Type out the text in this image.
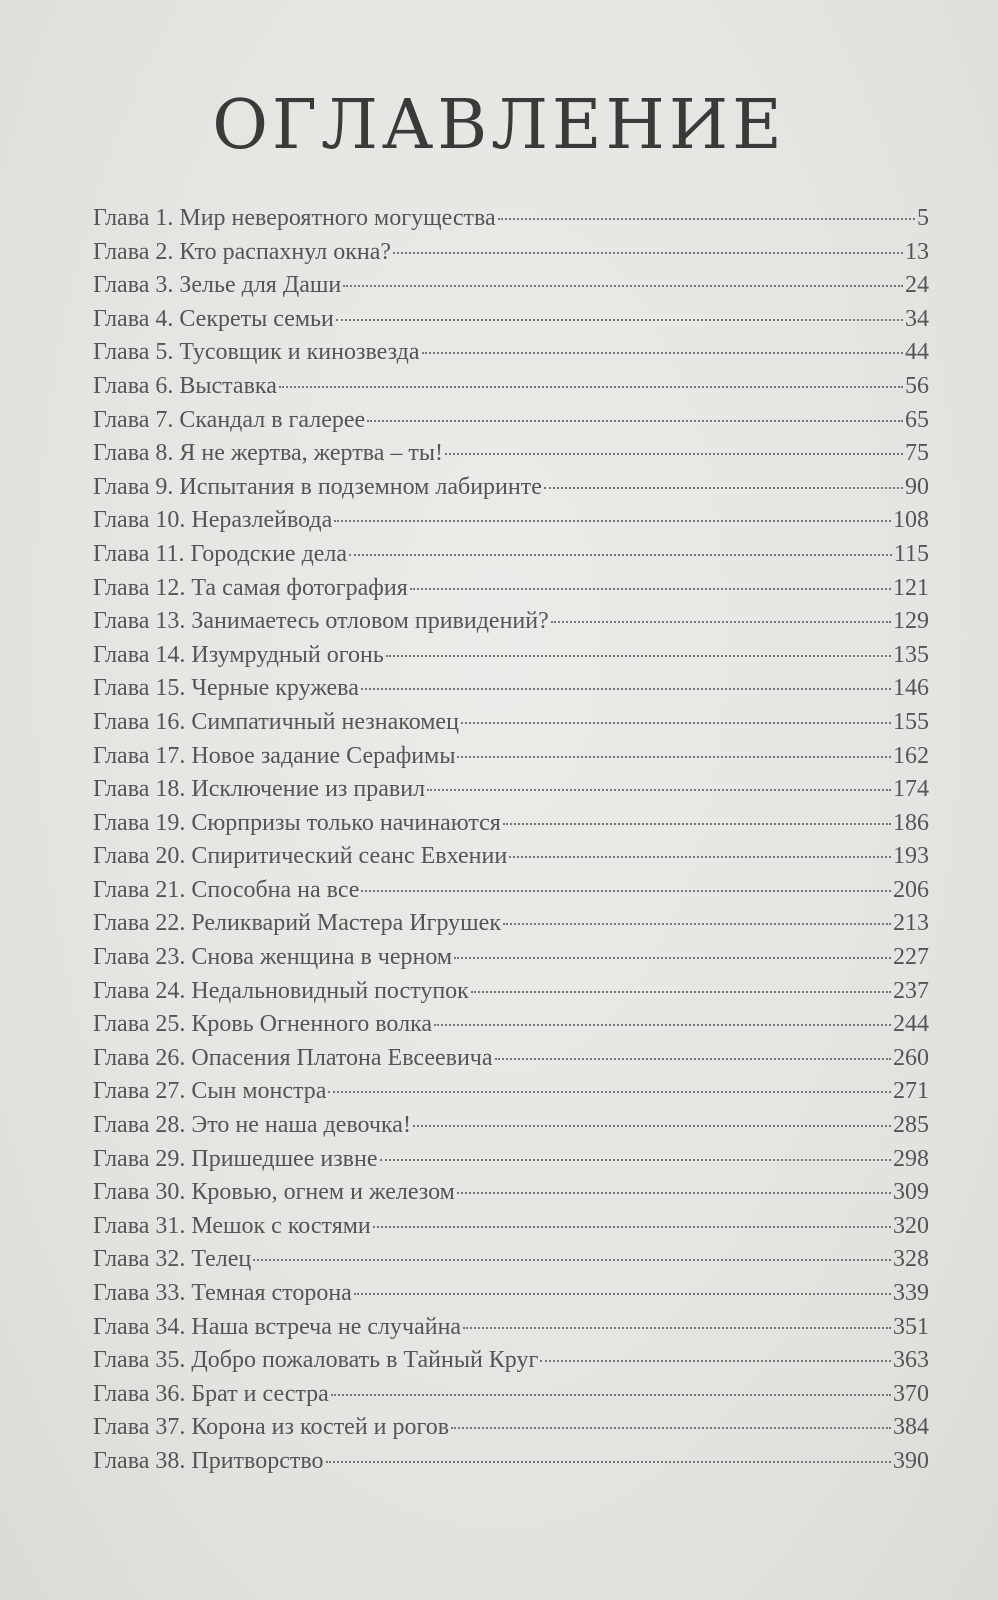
ОГЛАВЛЕНИЕ
Глава 1. Мир невероятного могущества	5
Глава 2. Кто распахнул окна?	13
Глава 3. Зелье для Даши	24
Глава 4. Секреты семьи	34
Глава 5. Тусовщик и кинозвезда	44
Глава 6. Выставка	56
Глава 7. Скандал в галерее	65
Глава 8. Я не жертва, жертва – ты!	75
Глава 9. Испытания в подземном лабиринте	90
Глава 10. Неразлейвода	108
Глава 11. Городские дела	115
Глава 12. Та самая фотография	121
Глава 13. Занимаетесь отловом привидений?	129
Глава 14. Изумрудный огонь	135
Глава 15. Черные кружева	146
Глава 16. Симпатичный незнакомец	155
Глава 17. Новое задание Серафимы	162
Глава 18. Исключение из правил	174
Глава 19. Сюрпризы только начинаются	186
Глава 20. Спиритический сеанс Евхении	193
Глава 21. Способна на все	206
Глава 22. Реликварий Мастера Игрушек	213
Глава 23. Снова женщина в черном	227
Глава 24. Недальновидный поступок	237
Глава 25. Кровь Огненного волка	244
Глава 26. Опасения Платона Евсеевича	260
Глава 27. Сын монстра	271
Глава 28. Это не наша девочка!	285
Глава 29. Пришедшее извне	298
Глава 30. Кровью, огнем и железом	309
Глава 31. Мешок с костями	320
Глава 32. Телец	328
Глава 33. Темная сторона	339
Глава 34. Наша встреча не случайна	351
Глава 35. Добро пожаловать в Тайный Круг	363
Глава 36. Брат и сестра	370
Глава 37. Корона из костей и рогов	384
Глава 38. Притворство	390
